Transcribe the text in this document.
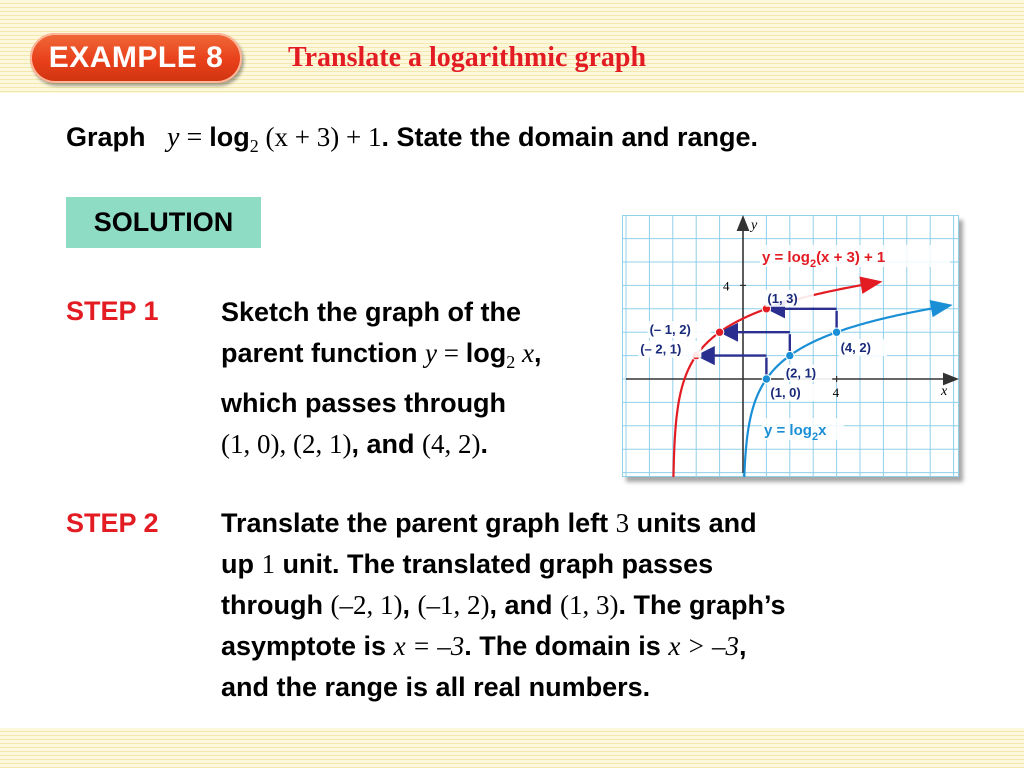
EXAMPLE 8	Translate a logarithmic graph
Graph $y = \log_2 (x + 3) + 1$. State the domain and range.
SOLUTION
STEP 1 Sketch the graph of the
parent function $y = \log_2 x$,
which passes through
(1, 0), (2, 1), and (4, 2).
STEP 2 Translate the parent graph left 3 units and
up 1 unit. The translated graph passes
through (–2, 1), (–1, 2), and (1, 3). The graph’s
asymptote is x = –3. The domain is x > –3,
and the range is all real numbers.
x
y
4
4
(1, 3)
(– 1, 2)
(– 2, 1)	(4, 2)
(2, 1)
(1, 0)
$y = \log_2(x + 3) + 1$
$y = \log_2x$
